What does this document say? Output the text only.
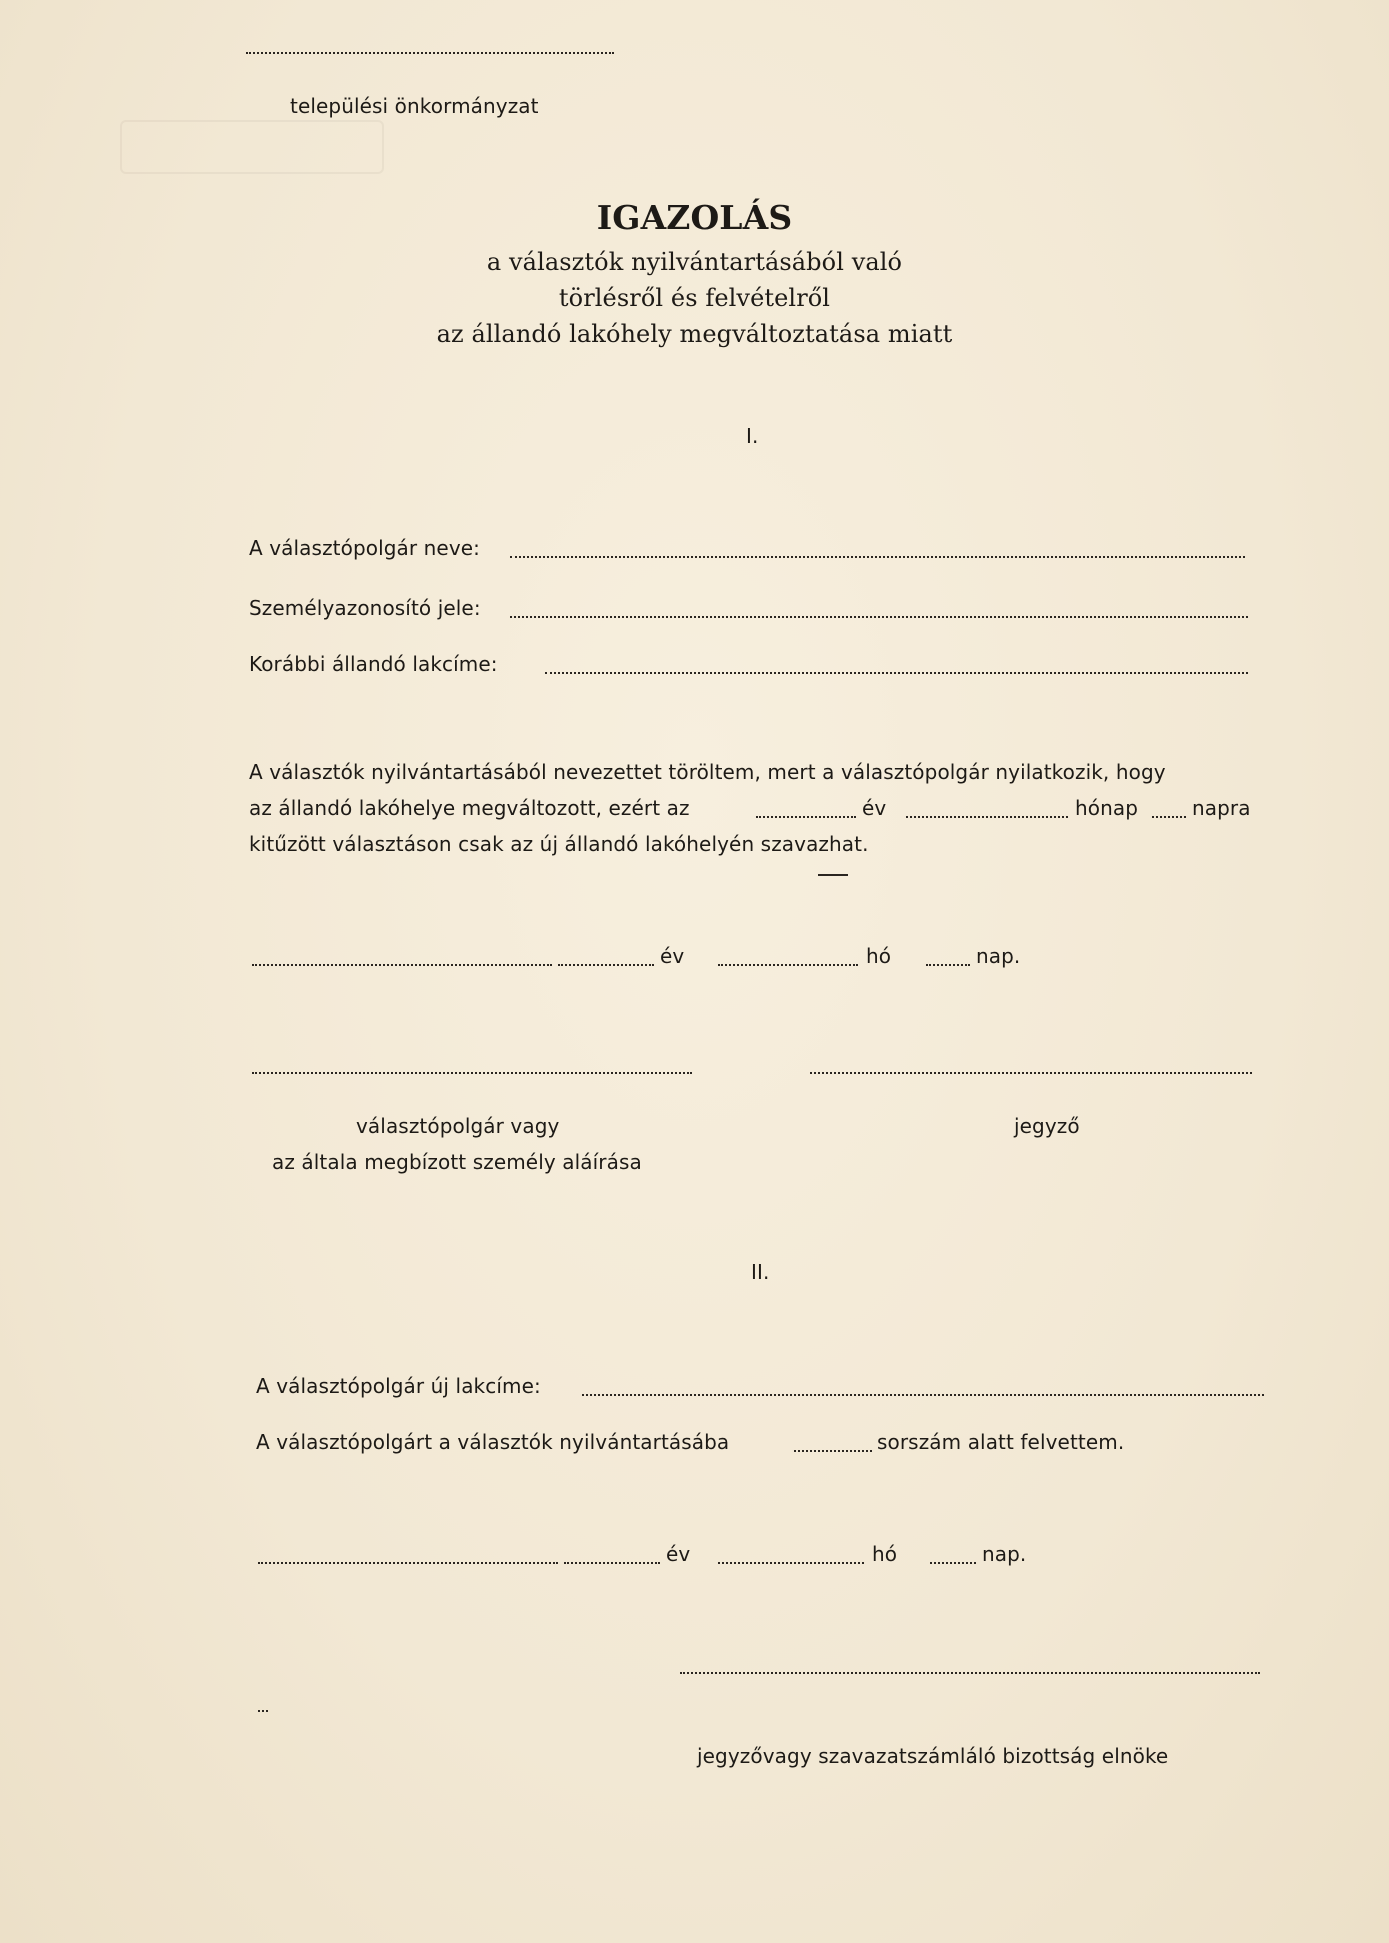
települési önkormányzat
IGAZOLÁS
a választók nyilvántartásából való
törlésről és felvételről
az állandó lakóhely megváltoztatása miatt
I.
A választópolgár neve:
Személyazonosító jele:
Korábbi állandó lakcíme:
A választók nyilvántartásából nevezettet töröltem, mert a választópolgár nyilatkozik, hogy
az állandó lakóhelye megváltozott, ezért az	év	hónap	napra
kitűzött választáson csak az új állandó lakóhelyén szavazhat.
év	hó	nap.
választópolgár vagy
az általa megbízott személy aláírása
jegyző
II.
A választópolgár új lakcíme:
A választópolgárt a választók nyilvántartásába	sorszám alatt felvettem.
év	hó	nap.
jegyzővagy szavazatszámláló bizottság elnöke
